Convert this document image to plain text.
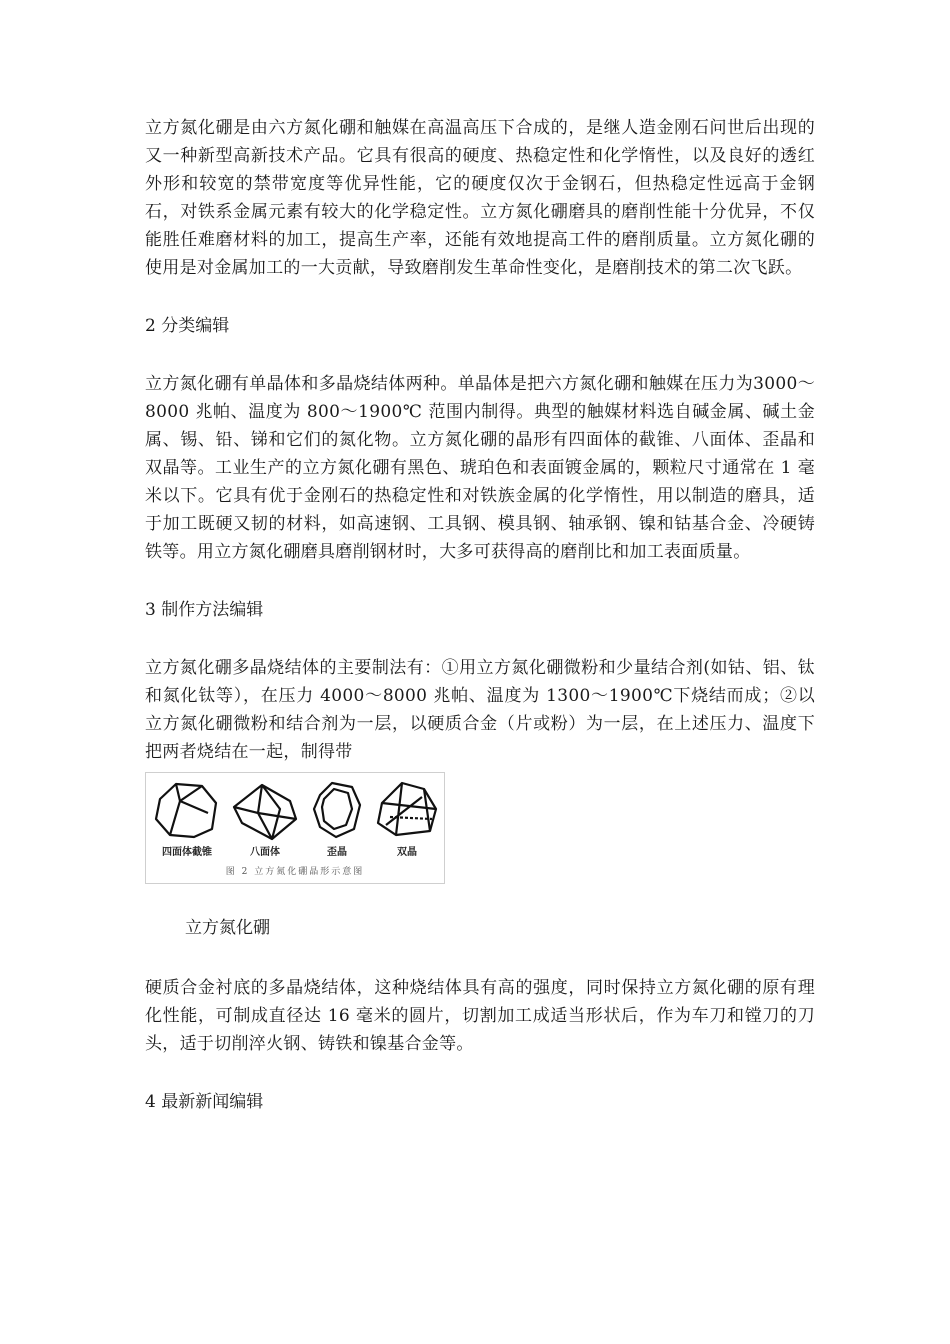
立方氮化硼是由六方氮化硼和触媒在高温高压下合成的，是继人造金刚石问世后出现的又一种新型高新技术产品。它具有很高的硬度、热稳定性和化学惰性，以及良好的透红外形和较宽的禁带宽度等优异性能，它的硬度仅次于金钢石，但热稳定性远高于金钢石，对铁系金属元素有较大的化学稳定性。立方氮化硼磨具的磨削性能十分优异，不仅能胜任难磨材料的加工，提高生产率，还能有效地提高工件的磨削质量。立方氮化硼的使用是对金属加工的一大贡献，导致磨削发生革命性变化，是磨削技术的第二次飞跃。

2 分类编辑

立方氮化硼有单晶体和多晶烧结体两种。单晶体是把六方氮化硼和触媒在压力为3000～8000 兆帕、温度为 800～1900℃ 范围内制得。典型的触媒材料选自碱金属、碱土金属、锡、铅、锑和它们的氮化物。立方氮化硼的晶形有四面体的截锥、八面体、歪晶和双晶等。工业生产的立方氮化硼有黑色、琥珀色和表面镀金属的，颗粒尺寸通常在 1 毫米以下。它具有优于金刚石的热稳定性和对铁族金属的化学惰性，用以制造的磨具，适于加工既硬又韧的材料，如高速钢、工具钢、模具钢、轴承钢、镍和钴基合金、冷硬铸铁等。用立方氮化硼磨具磨削钢材时，大多可获得高的磨削比和加工表面质量。

3 制作方法编辑

立方氮化硼多晶烧结体的主要制法有：①用立方氮化硼微粉和少量结合剂(如钴、铝、钛和氮化钛等），在压力 4000～8000 兆帕、温度为 1300～1900℃下烧结而成；②以立方氮化硼微粉和结合剂为一层，以硬质合金（片或粉）为一层，在上述压力、温度下把两者烧结在一起，制得带

四面体截锥	八面体	歪晶	双晶
图 2 立方氮化硼晶形示意图

立方氮化硼

硬质合金衬底的多晶烧结体，这种烧结体具有高的强度，同时保持立方氮化硼的原有理化性能，可制成直径达 16 毫米的圆片，切割加工成适当形状后，作为车刀和镗刀的刀头，适于切削淬火钢、铸铁和镍基合金等。

4 最新新闻编辑
